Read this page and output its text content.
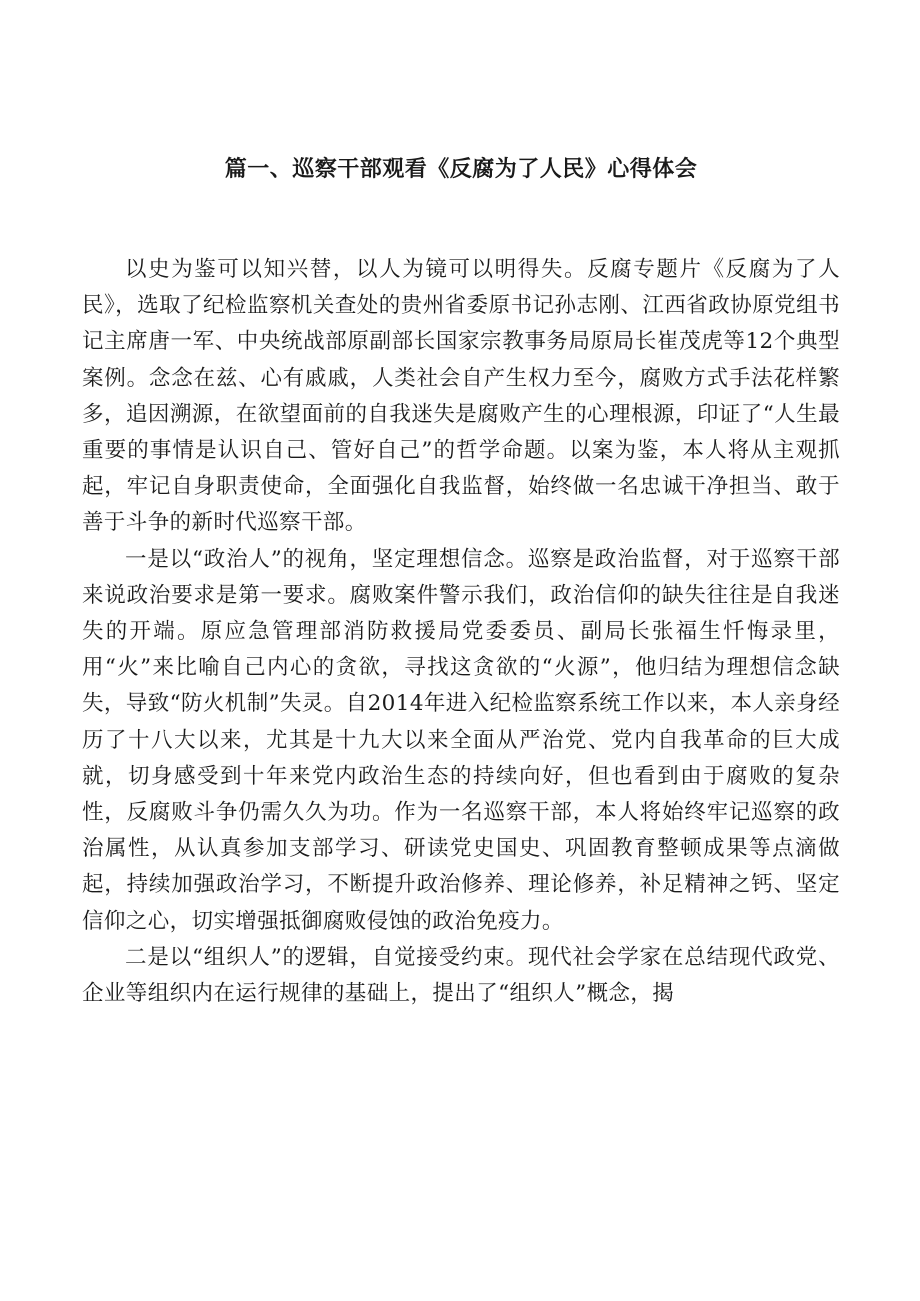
篇一、巡察干部观看《反腐为了人民》心得体会

以史为鉴可以知兴替，以人为镜可以明得失。反腐专题片《反腐为了人民》，选取了纪检监察机关查处的贵州省委原书记孙志刚、江西省政协原党组书记主席唐一军、中央统战部原副部长国家宗教事务局原局长崔茂虎等12个典型案例。念念在兹、心有戚戚，人类社会自产生权力至今，腐败方式手法花样繁多，追因溯源，在欲望面前的自我迷失是腐败产生的心理根源，印证了“人生最重要的事情是认识自己、管好自己”的哲学命题。以案为鉴，本人将从主观抓起，牢记自身职责使命，全面强化自我监督，始终做一名忠诚干净担当、敢于善于斗争的新时代巡察干部。

一是以“政治人”的视角，坚定理想信念。巡察是政治监督，对于巡察干部来说政治要求是第一要求。腐败案件警示我们，政治信仰的缺失往往是自我迷失的开端。原应急管理部消防救援局党委委员、副局长张福生忏悔录里，用“火”来比喻自己内心的贪欲，寻找这贪欲的“火源”，他归结为理想信念缺失，导致“防火机制”失灵。自2014年进入纪检监察系统工作以来，本人亲身经历了十八大以来，尤其是十九大以来全面从严治党、党内自我革命的巨大成就，切身感受到十年来党内政治生态的持续向好，但也看到由于腐败的复杂性，反腐败斗争仍需久久为功。作为一名巡察干部，本人将始终牢记巡察的政治属性，从认真参加支部学习、研读党史国史、巩固教育整顿成果等点滴做起，持续加强政治学习，不断提升政治修养、理论修养，补足精神之钙、坚定信仰之心，切实增强抵御腐败侵蚀的政治免疫力。

二是以“组织人”的逻辑，自觉接受约束。现代社会学家在总结现代政党、企业等组织内在运行规律的基础上，提出了“组织人”概念，揭
